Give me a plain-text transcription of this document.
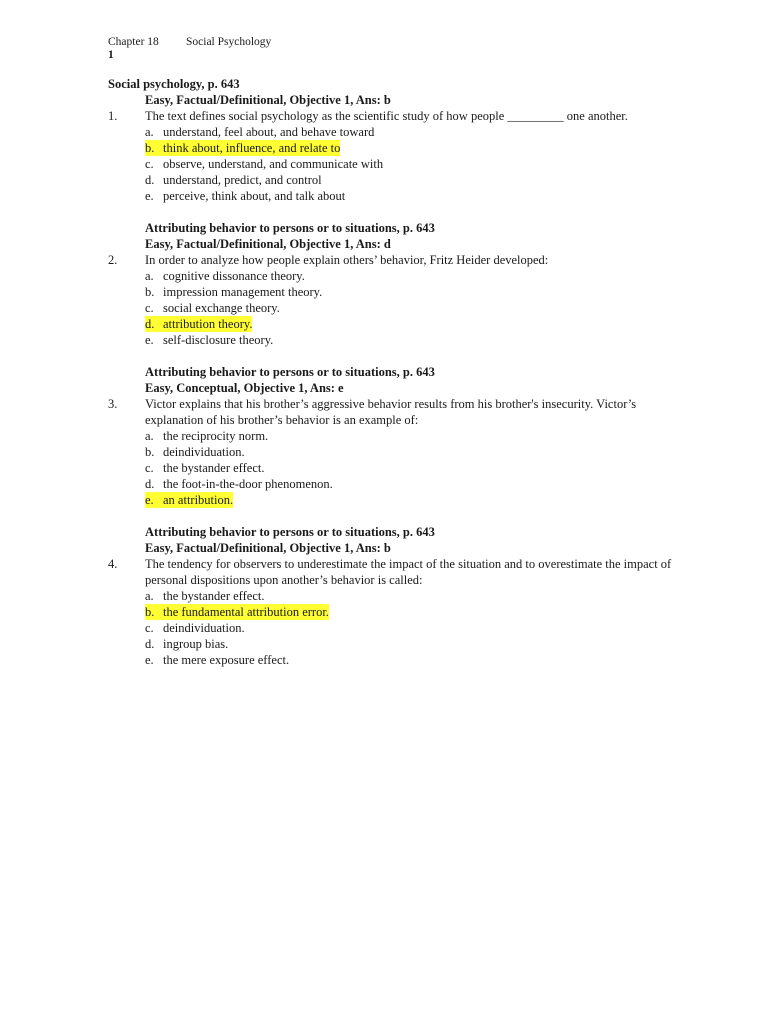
Chapter 18 Social Psychology
1
Social psychology, p. 643
Easy, Factual/Definitional, Objective 1, Ans: b
1.	The text defines social psychology as the scientific study of how people _________ one another.
a. understand, feel about, and behave toward
b. think about, influence, and relate to
c. observe, understand, and communicate with
d. understand, predict, and control
e. perceive, think about, and talk about
Attributing behavior to persons or to situations, p. 643
Easy, Factual/Definitional, Objective 1, Ans: d
2.	In order to analyze how people explain others’ behavior, Fritz Heider developed:
a. cognitive dissonance theory.
b. impression management theory.
c. social exchange theory.
d. attribution theory.
e. self-disclosure theory.
Attributing behavior to persons or to situations, p. 643
Easy, Conceptual, Objective 1, Ans: e
3.	Victor explains that his brother’s aggressive behavior results from his brother's insecurity. Victor’s explanation of his brother’s behavior is an example of:
a. the reciprocity norm.
b. deindividuation.
c. the bystander effect.
d. the foot-in-the-door phenomenon.
e. an attribution.
Attributing behavior to persons or to situations, p. 643
Easy, Factual/Definitional, Objective 1, Ans: b
4.	The tendency for observers to underestimate the impact of the situation and to overestimate the impact of personal dispositions upon another’s behavior is called:
a. the bystander effect.
b. the fundamental attribution error.
c. deindividuation.
d. ingroup bias.
e. the mere exposure effect.
